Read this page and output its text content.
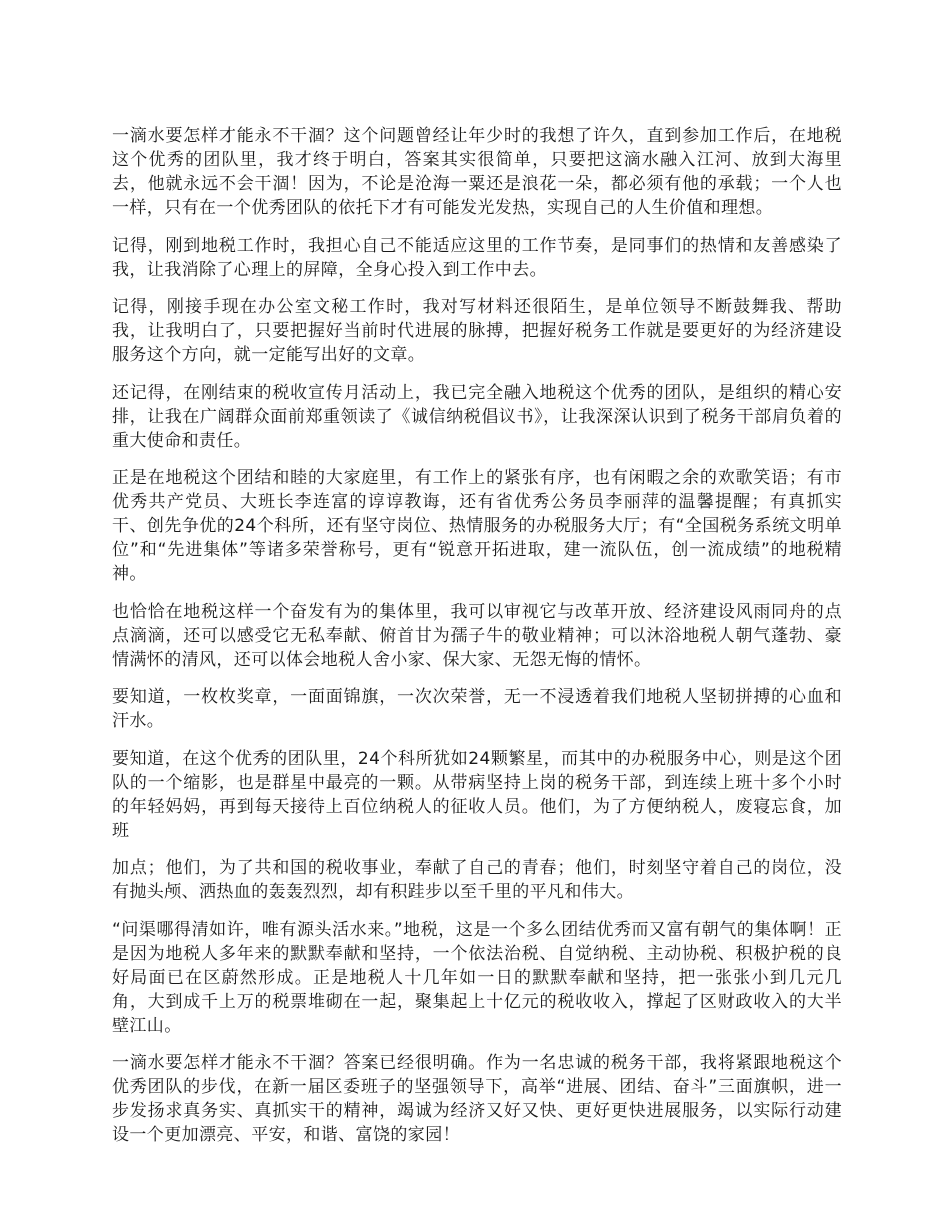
一滴水要怎样才能永不干涸？这个问题曾经让年少时的我想了许久，直到参加工作后，在地税这个优秀的团队里，我才终于明白，答案其实很简单，只要把这滴水融入江河、放到大海里去，他就永远不会干涸！因为，不论是沧海一粟还是浪花一朵，都必须有他的承载；一个人也一样，只有在一个优秀团队的依托下才有可能发光发热，实现自己的人生价值和理想。

记得，刚到地税工作时，我担心自己不能适应这里的工作节奏，是同事们的热情和友善感染了我，让我消除了心理上的屏障，全身心投入到工作中去。

记得，刚接手现在办公室文秘工作时，我对写材料还很陌生，是单位领导不断鼓舞我、帮助我，让我明白了，只要把握好当前时代进展的脉搏，把握好税务工作就是要更好的为经济建设服务这个方向，就一定能写出好的文章。

还记得，在刚结束的税收宣传月活动上，我已完全融入地税这个优秀的团队，是组织的精心安排，让我在广阔群众面前郑重领读了《诚信纳税倡议书》，让我深深认识到了税务干部肩负着的重大使命和责任。

正是在地税这个团结和睦的大家庭里，有工作上的紧张有序，也有闲暇之余的欢歌笑语；有市优秀共产党员、大班长李连富的谆谆教诲，还有省优秀公务员李丽萍的温馨提醒；有真抓实干、创先争优的24个科所，还有坚守岗位、热情服务的办税服务大厅；有“全国税务系统文明单位”和“先进集体”等诸多荣誉称号，更有“锐意开拓进取，建一流队伍，创一流成绩”的地税精神。

也恰恰在地税这样一个奋发有为的集体里，我可以审视它与改革开放、经济建设风雨同舟的点点滴滴，还可以感受它无私奉献、俯首甘为孺子牛的敬业精神；可以沐浴地税人朝气蓬勃、豪情满怀的清风，还可以体会地税人舍小家、保大家、无怨无悔的情怀。

要知道，一枚枚奖章，一面面锦旗，一次次荣誉，无一不浸透着我们地税人坚韧拼搏的心血和汗水。

要知道，在这个优秀的团队里，24个科所犹如24颗繁星，而其中的办税服务中心，则是这个团队的一个缩影，也是群星中最亮的一颗。从带病坚持上岗的税务干部，到连续上班十多个小时的年轻妈妈，再到每天接待上百位纳税人的征收人员。他们，为了方便纳税人，废寝忘食，加班

加点；他们，为了共和国的税收事业，奉献了自己的青春；他们，时刻坚守着自己的岗位，没有抛头颅、洒热血的轰轰烈烈，却有积跬步以至千里的平凡和伟大。

“问渠哪得清如许，唯有源头活水来。”地税，这是一个多么团结优秀而又富有朝气的集体啊！正是因为地税人多年来的默默奉献和坚持，一个依法治税、自觉纳税、主动协税、积极护税的良好局面已在区蔚然形成。正是地税人十几年如一日的默默奉献和坚持，把一张张小到几元几角，大到成千上万的税票堆砌在一起，聚集起上十亿元的税收收入，撑起了区财政收入的大半壁江山。

一滴水要怎样才能永不干涸？答案已经很明确。作为一名忠诚的税务干部，我将紧跟地税这个优秀团队的步伐，在新一届区委班子的坚强领导下，高举“进展、团结、奋斗”三面旗帜，进一步发扬求真务实、真抓实干的精神，竭诚为经济又好又快、更好更快进展服务，以实际行动建设一个更加漂亮、平安，和谐、富饶的家园！
